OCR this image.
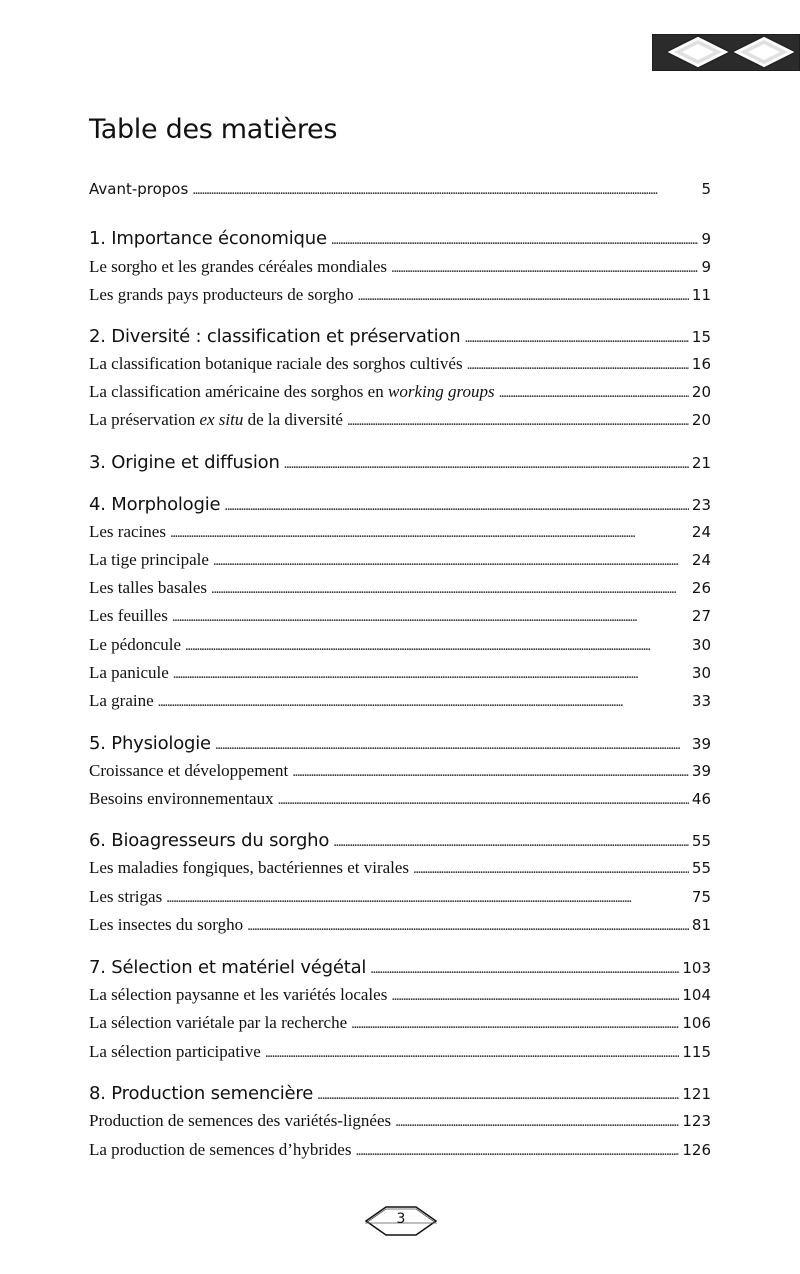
Table des matières
Avant-propos . . .	5
1. Importance économique . . .	9
Le sorgho et les grandes céréales mondiales . . .	9
Les grands pays producteurs de sorgho . . .	11
2. Diversité : classification et préservation . . .	15
La classification botanique raciale des sorghos cultivés . . .	16
La classification américaine des sorghos en working groups . . .	20
La préservation ex situ de la diversité . . .	20
3. Origine et diffusion . . .	21
4. Morphologie . . .	23
Les racines . . .	24
La tige principale . . .	24
Les talles basales . . .	26
Les feuilles . . .	27
Le pédoncule . . .	30
La panicule . . .	30
La graine . . .	33
5. Physiologie . . .	39
Croissance et développement . . .	39
Besoins environnementaux . . .	46
6. Bioagresseurs du sorgho . . .	55
Les maladies fongiques, bactériennes et virales . . .	55
Les strigas . . .	75
Les insectes du sorgho . . .	81
7. Sélection et matériel végétal . . .	103
La sélection paysanne et les variétés locales . . .	104
La sélection variétale par la recherche . . .	106
La sélection participative . . .	115
8. Production semencière . . .	121
Production de semences des variétés-lignées . . .	123
La production de semences d’hybrides . . .	126
3
